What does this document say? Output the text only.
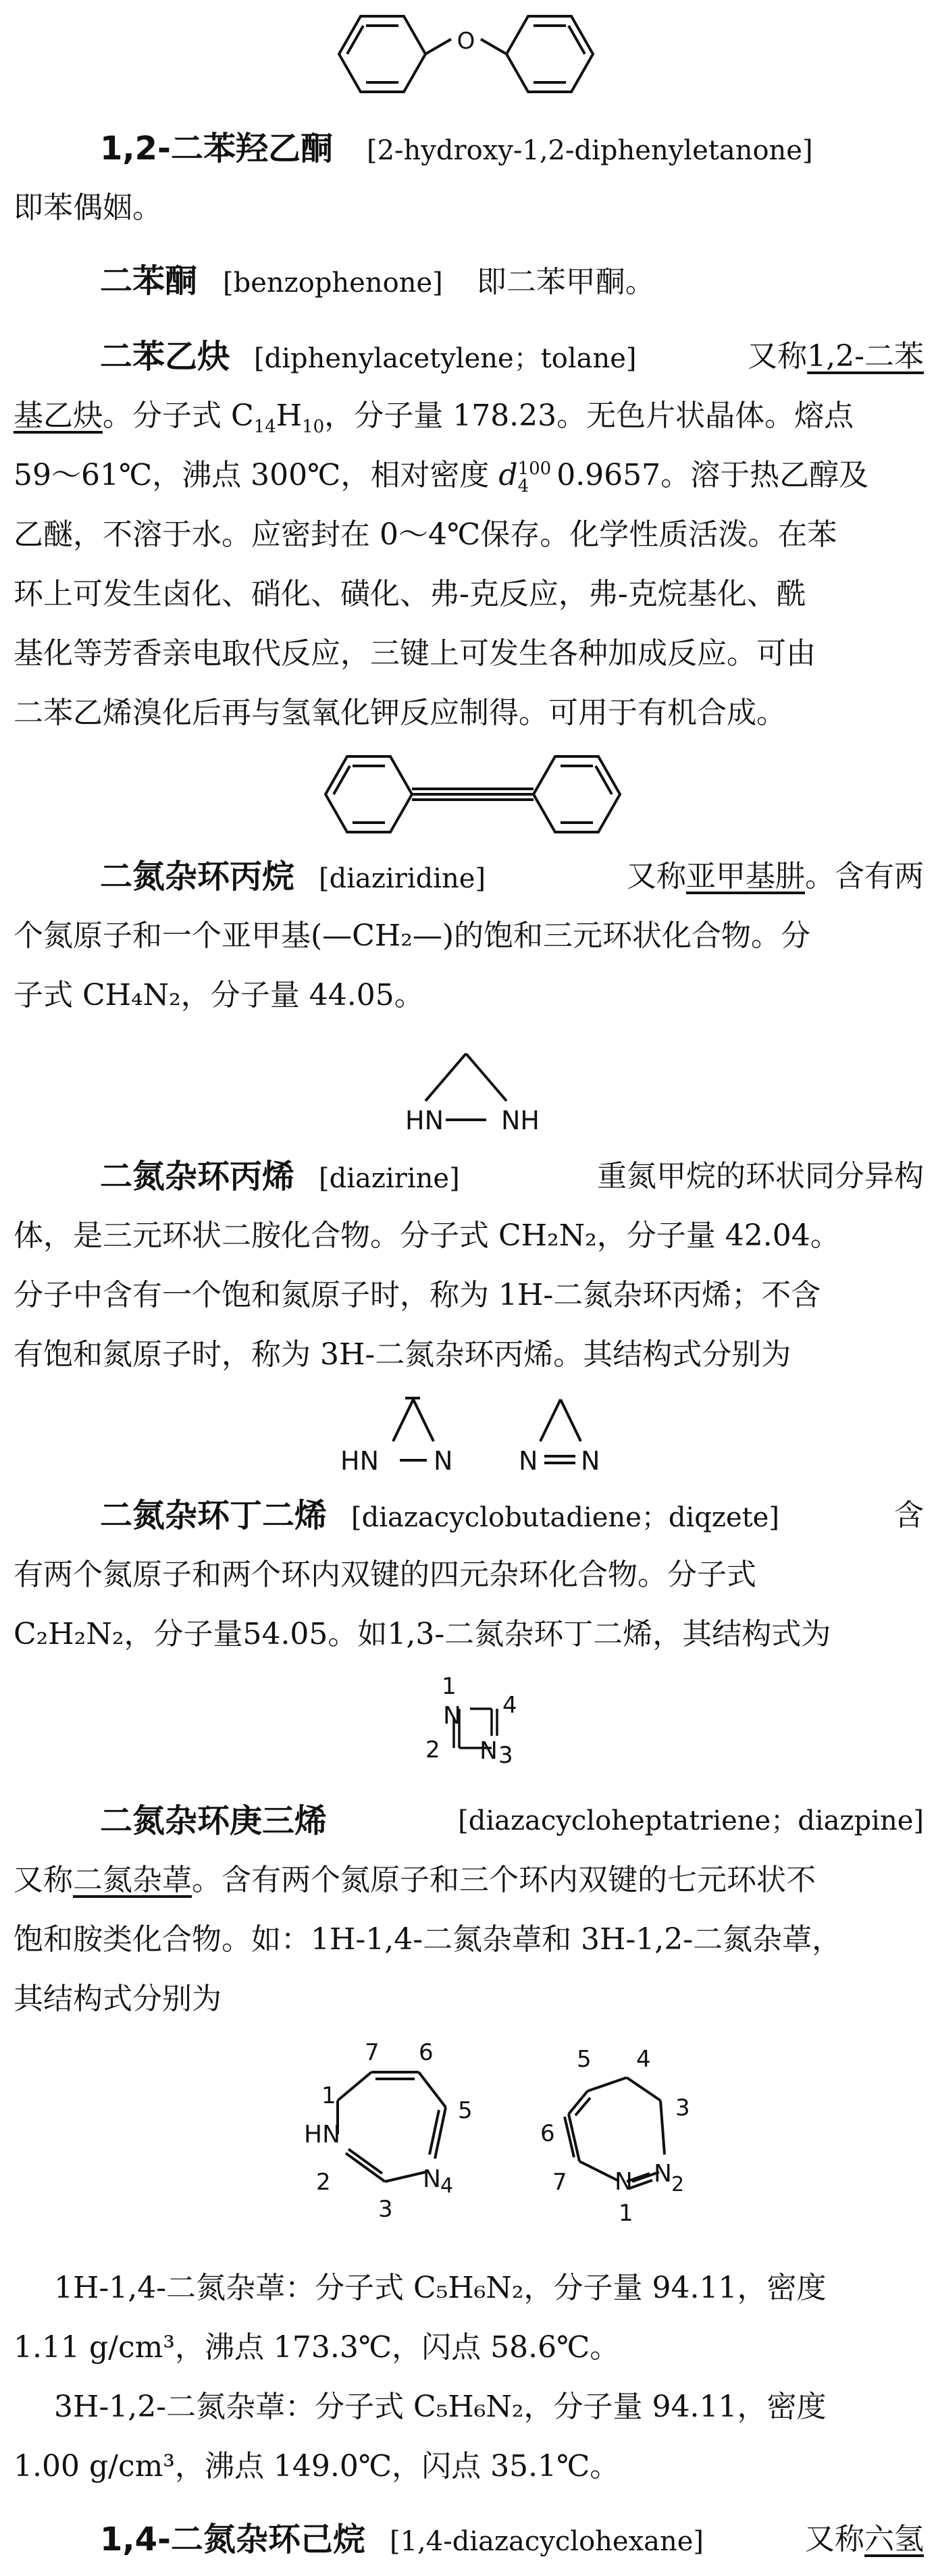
O
1,2-二苯羟乙酮 [2-hydroxy-1,2-diphenyletanone]
即苯偶姻。
二苯酮 [benzophenone] 即二苯甲酮。
二苯乙炔 [diphenylacetylene；tolane]	又称1,2-二苯
基乙炔。分子式 $C_{14}H_{10}$，分子量 178.23。无色片状晶体。熔点
59～61℃，沸点 300℃，相对密度 d 100
4 0.9657。溶于热乙醇及
乙醚，不溶于水。应密封在 0～4℃保存。化学性质活泼。在苯
环上可发生卤化、硝化、磺化、弗-克反应，弗-克烷基化、酰
基化等芳香亲电取代反应，三键上可发生各种加成反应。可由
二苯乙烯溴化后再与氢氧化钾反应制得。可用于有机合成。
二氮杂环丙烷 [diaziridine]	又称亚甲基肼。含有两
个氮原子和一个亚甲基(—CH₂—)的饱和三元环状化合物。分
子式 CH₄N₂，分子量 44.05。
HN NH
二氮杂环丙烯 [diazirine]	重氮甲烷的环状同分异构
体，是三元环状二胺化合物。分子式 CH₂N₂，分子量 42.04。
分子中含有一个饱和氮原子时，称为 1H-二氮杂环丙烯；不含
有饱和氮原子时，称为 3H-二氮杂环丙烯。其结构式分别为
HN N	N N
二氮杂环丁二烯 [diazacyclobutadiene；diqzete]	含
有两个氮原子和两个环内双键的四元杂环化合物。分子式
C₂H₂N₂，分子量54.05。如1,3-二氮杂环丁二烯，其结构式为
1
N 4
2 N 3
二氮杂环庚三烯	[diazacycloheptatriene；diazpine]
又称二氮杂䓬。含有两个氮原子和三个环内双键的七元环状不
饱和胺类化合物。如：1H-1,4-二氮杂䓬和 3H-1,2-二氮杂䓬，
其结构式分别为
7 6
1
HN
5
2	N 4
3
5 4
3
6
7 N N 2
1
1H-1,4-二氮杂䓬：分子式 C₅H₆N₂，分子量 94.11，密度
1.11 g/cm³，沸点 173.3℃，闪点 58.6℃。
3H-1,2-二氮杂䓬：分子式 C₅H₆N₂，分子量 94.11，密度
1.00 g/cm³，沸点 149.0℃，闪点 35.1℃。
1,4-二氮杂环己烷 [1,4-diazacyclohexane]	又称六氢
